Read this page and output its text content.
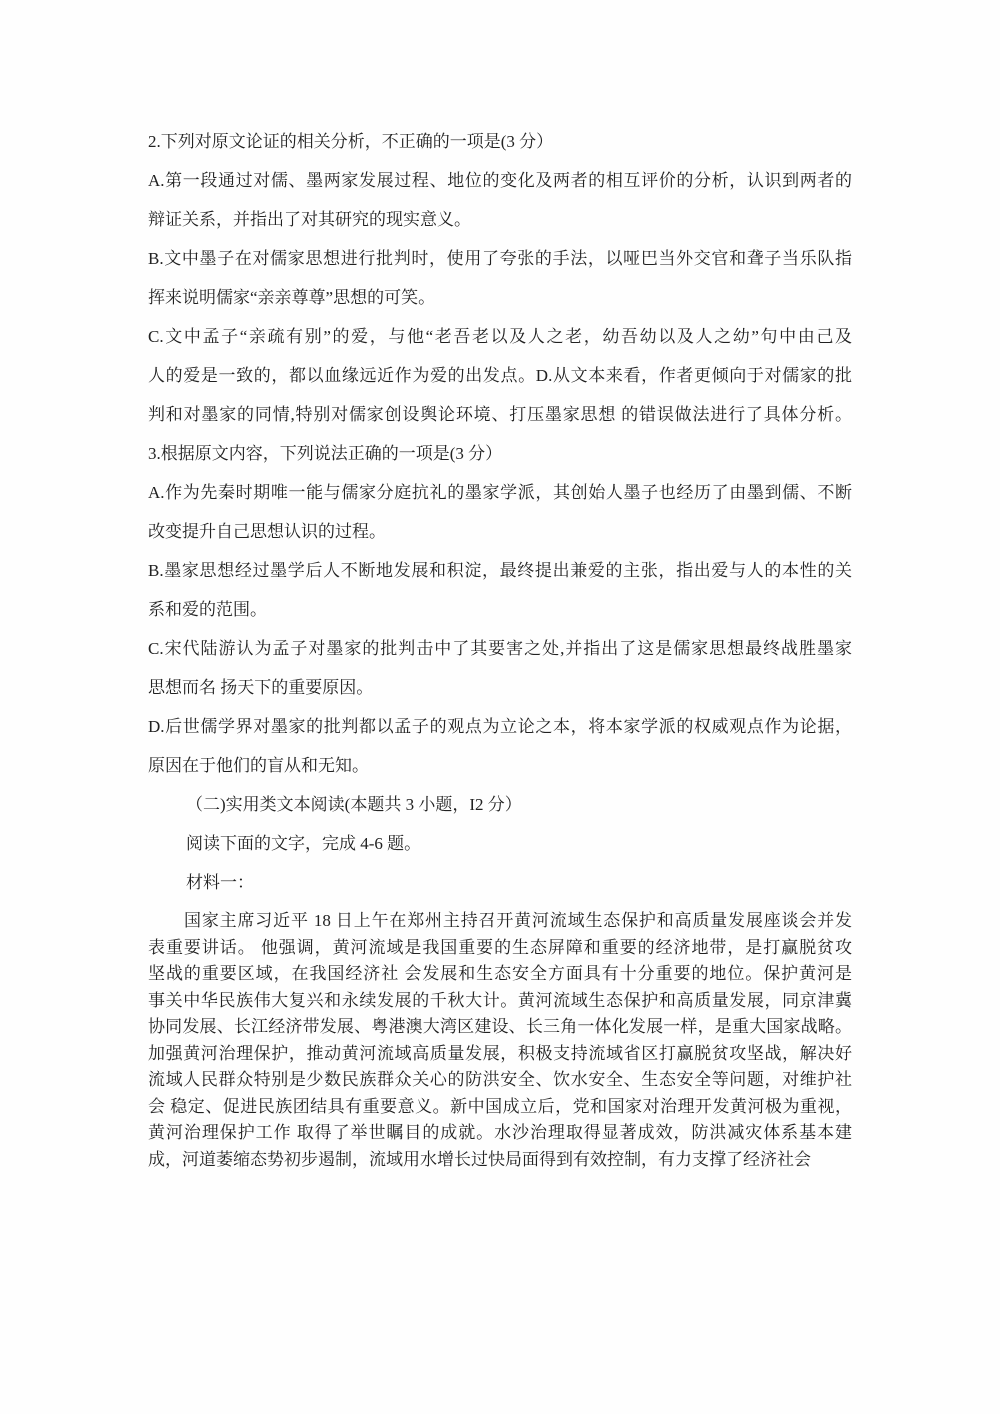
2.下列对原文论证的相关分析，不正确的一项是(3 分）
A.第一段通过对儒、墨两家发展过程、地位的变化及两者的相互评价的分析，认识到两者的
辩证关系，并指出了对其研究的现实意义。
B.文中墨子在对儒家思想进行批判时，使用了夸张的手法，以哑巴当外交官和聋子当乐队指
挥来说明儒家“亲亲尊尊”思想的可笑。
C.文中孟子“亲疏有别”的爱，与他“老吾老以及人之老，幼吾幼以及人之幼”句中由己及
人的爱是一致的，都以血缘远近作为爱的出发点。D.从文本来看，作者更倾向于对儒家的批
判和对墨家的同情,特别对儒家创设舆论环境、打压墨家思想 的错误做法进行了具体分析。
3.根据原文内容，下列说法正确的一项是(3 分）
A.作为先秦时期唯一能与儒家分庭抗礼的墨家学派，其创始人墨子也经历了由墨到儒、不断
改变提升自己思想认识的过程。
B.墨家思想经过墨学后人不断地发展和积淀，最终提出兼爱的主张，指出爱与人的本性的关
系和爱的范围。
C.宋代陆游认为孟子对墨家的批判击中了其要害之处,并指出了这是儒家思想最终战胜墨家
思想而名 扬天下的重要原因。
D.后世儒学界对墨家的批判都以孟子的观点为立论之本，将本家学派的权威观点作为论据，
原因在于他们的盲从和无知。
（二)实用类文本阅读(本题共 3 小题，I2 分）
阅读下面的文字，完成 4-6 题。
材料一：
国家主席习近平 18 日上午在郑州主持召开黄河流域生态保护和高质量发展座谈会并发
表重要讲话。 他强调，黄河流域是我国重要的生态屏障和重要的经济地带，是打赢脱贫攻
坚战的重要区域，在我国经济社 会发展和生态安全方面具有十分重要的地位。保护黄河是
事关中华民族伟大复兴和永续发展的千秋大计。黄河流域生态保护和高质量发展，同京津冀
协同发展、长江经济带发展、粤港澳大湾区建设、长三角一体化发展一样，是重大国家战略。
加强黄河治理保护，推动黄河流域高质量发展，积极支持流域省区打赢脱贫攻坚战，解决好
流域人民群众特别是少数民族群众关心的防洪安全、饮水安全、生态安全等问题，对维护社
会 稳定、促进民族团结具有重要意义。新中国成立后，党和国家对治理开发黄河极为重视，
黄河治理保护工作 取得了举世瞩目的成就。水沙治理取得显著成效，防洪减灾体系基本建
成，河道萎缩态势初步遏制，流域用水增长过快局面得到有效控制，有力支撑了经济社会
